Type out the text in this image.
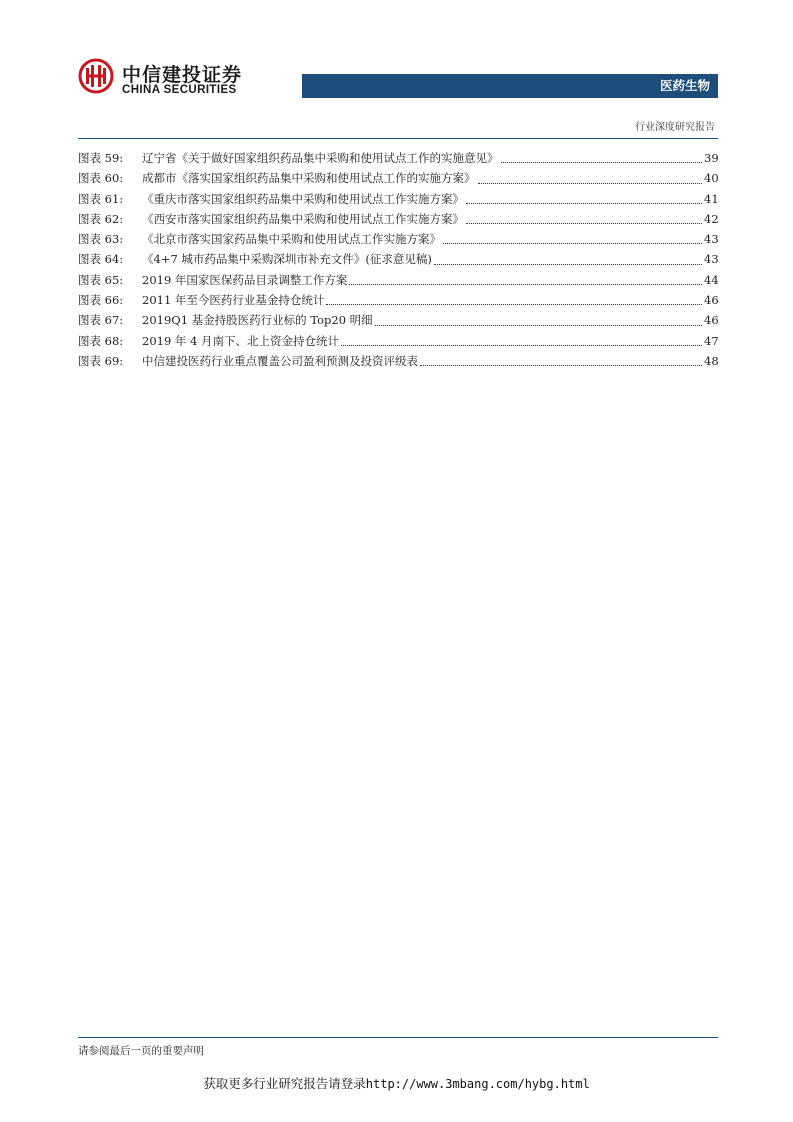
中信建投证券
CHINA SECURITIES	医药生物
行业深度研究报告
图表 59:	辽宁省《关于做好国家组织药品集中采购和使用试点工作的实施意见》	39
图表 60:	成都市《落实国家组织药品集中采购和使用试点工作的实施方案》	40
图表 61:	《重庆市落实国家组织药品集中采购和使用试点工作实施方案》	41
图表 62:	《西安市落实国家组织药品集中采购和使用试点工作实施方案》	42
图表 63:	《北京市落实国家药品集中采购和使用试点工作实施方案》	43
图表 64:	《4+7 城市药品集中采购深圳市补充文件》(征求意见稿)	43
图表 65:	2019 年国家医保药品目录调整工作方案	44
图表 66:	2011 年至今医药行业基金持仓统计	46
图表 67:	2019Q1 基金持股医药行业标的 Top20 明细	46
图表 68:	2019 年 4 月南下、北上资金持仓统计	47
图表 69:	中信建投医药行业重点覆盖公司盈利预测及投资评级表	48
请参阅最后一页的重要声明
获取更多行业研究报告请登录http://www.3mbang.com/hybg.html
